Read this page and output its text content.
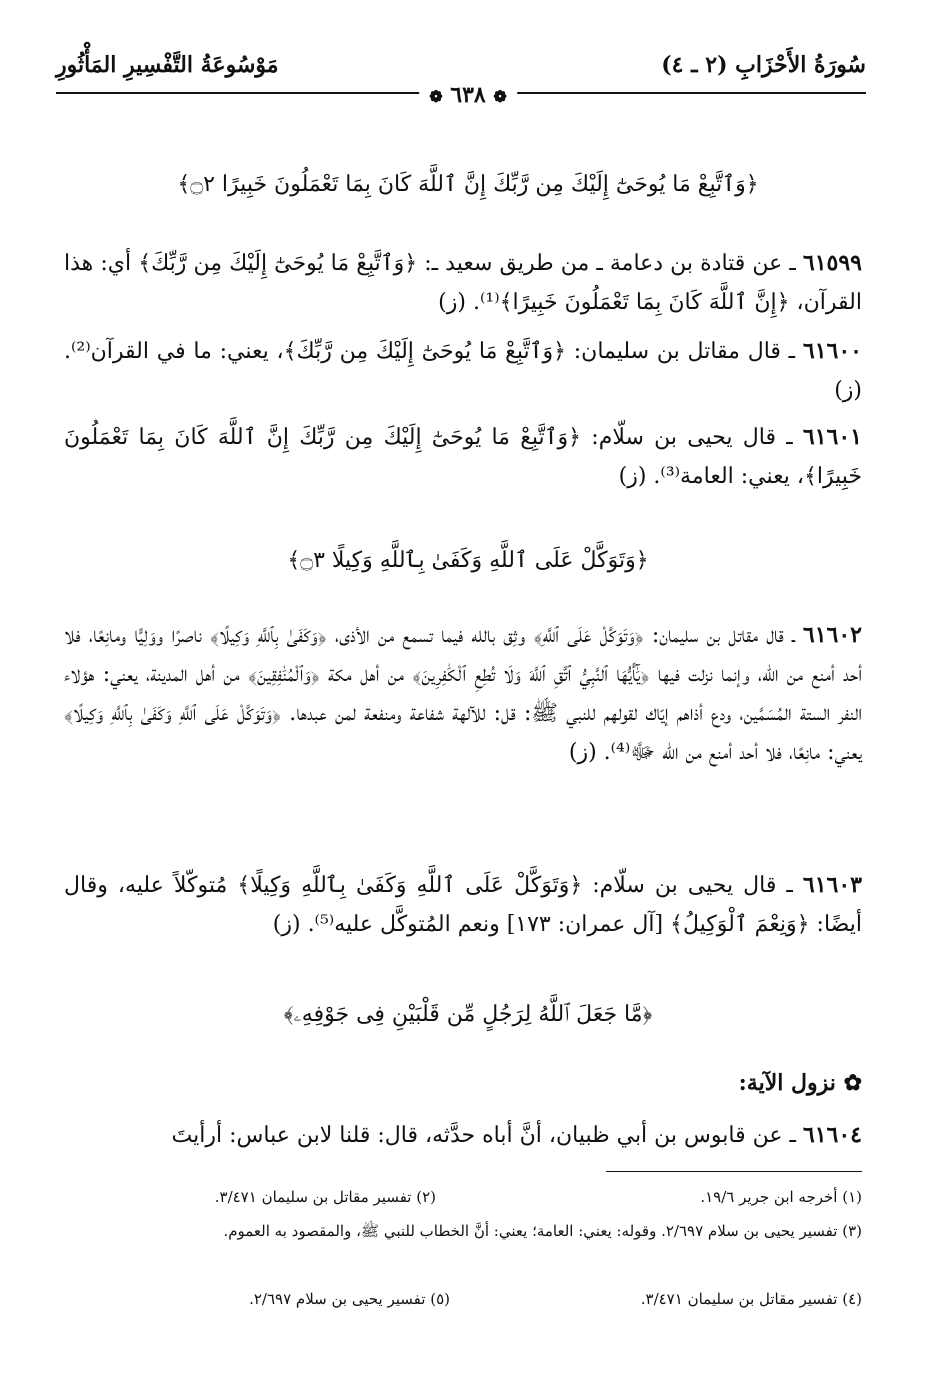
سُورَةُ الأَحْزَابِ (٢ ـ ٤)
مَوْسُوعَةُ التَّفْسِيرِ المَأْثُورِ
❁ ٦٣٨ ❁
﴿وَٱتَّبِعْ مَا يُوحَىٰٓ إِلَيْكَ مِن رَّبِّكَ إِنَّ ٱللَّهَ كَانَ بِمَا تَعْمَلُونَ خَبِيرًا ۝٢﴾
٦١٥٩٩ ـ عن قتادة بن دعامة ـ من طريق سعيد ـ: ﴿وَٱتَّبِعْ مَا يُوحَىٰٓ إِلَيْكَ مِن رَّبِّكَ﴾ أي: هذا القرآن، ﴿إِنَّ ٱللَّهَ كَانَ بِمَا تَعْمَلُونَ خَبِيرًا﴾⁽¹⁾. (ز)
٦١٦٠٠ ـ قال مقاتل بن سليمان: ﴿وَٱتَّبِعْ مَا يُوحَىٰٓ إِلَيْكَ مِن رَّبِّكَ﴾، يعني: ما في القرآن⁽²⁾. (ز)
٦١٦٠١ ـ قال يحيى بن سلّام: ﴿وَٱتَّبِعْ مَا يُوحَىٰٓ إِلَيْكَ مِن رَّبِّكَ إِنَّ ٱللَّهَ كَانَ بِمَا تَعْمَلُونَ خَبِيرًا﴾، يعني: العامة⁽³⁾. (ز)
﴿وَتَوَكَّلْ عَلَى ٱللَّهِ وَكَفَىٰ بِٱللَّهِ وَكِيلًا ۝٣﴾
٦١٦٠٢ ـ قال مقاتل بن سليمان: ﴿وَتَوَكَّلْ عَلَى ٱللَّهِ﴾ وثِق بالله فيما تسمع من الأذى، ﴿وَكَفَىٰ بِٱللَّهِ وَكِيلًا﴾ ناصرًا ووَلِيًّا ومانِعًا، فلا أحد أمنع من الله، وإنما نزلت فيها ﴿يَٰٓأَيُّهَا ٱلنَّبِيُّ ٱتَّقِ ٱللَّهَ وَلَا تُطِعِ ٱلْكَٰفِرِينَ﴾ من أهل مكة ﴿وَٱلْمُنَٰفِقِينَ﴾ من أهل المدينة، يعني: هؤلاء النفر الستة المُسَمَّين، ودع أذاهم إيّاك لقولهم للنبي ﷺ: قل: للآلهة شفاعة ومنفعة لمن عبدها. ﴿وَتَوَكَّلْ عَلَى ٱللَّهِ وَكَفَىٰ بِٱللَّهِ وَكِيلًا﴾ يعني: مانِعًا، فلا أحد أمنع من الله ﷻ⁽⁴⁾. (ز)
٦١٦٠٣ ـ قال يحيى بن سلّام: ﴿وَتَوَكَّلْ عَلَى ٱللَّهِ وَكَفَىٰ بِٱللَّهِ وَكِيلًا﴾ مُتوكّلاً عليه، وقال أيضًا: ﴿وَنِعْمَ ٱلْوَكِيلُ﴾ [آل عمران: ١٧٣] ونعم المُتوكَّل عليه⁽⁵⁾. (ز)
﴿مَّا جَعَلَ ٱللَّهُ لِرَجُلٍ مِّن قَلْبَيْنِ فِى جَوْفِهِۦ﴾
✿ نزول الآية:
٦١٦٠٤ ـ عن قابوس بن أبي ظبيان، أنَّ أباه حدَّثه، قال: قلنا لابن عباس: أرأيتَ
(١) أخرجه ابن جرير ١٩/٦.
(٢) تفسير مقاتل بن سليمان ٣/٤٧١.
(٣) تفسير يحيى بن سلام ٢/٦٩٧. وقوله: يعني: العامة؛ يعني: أنَّ الخطاب للنبي ﷺ، والمقصود به العموم.
(٤) تفسير مقاتل بن سليمان ٣/٤٧١.
(٥) تفسير يحيى بن سلام ٢/٦٩٧.
